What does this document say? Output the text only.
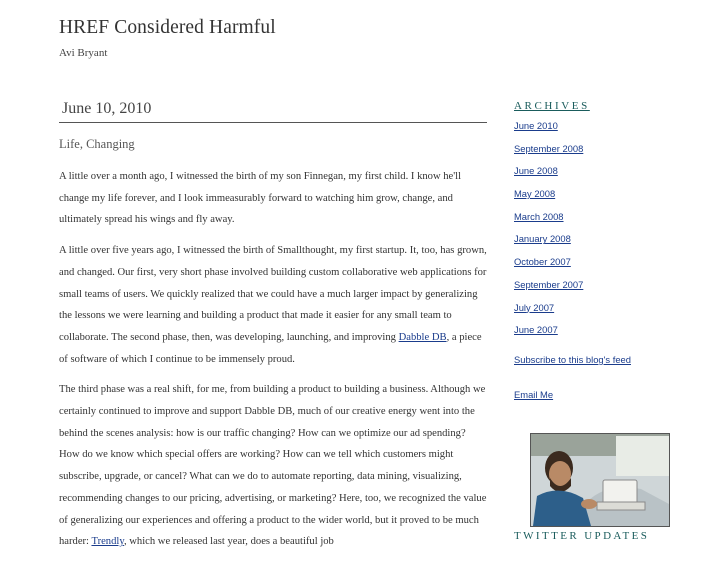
HREF Considered Harmful
Avi Bryant
June 10, 2010
Life, Changing

A little over a month ago, I witnessed the birth of my son Finnegan, my first child. I know he'll change my life forever, and I look immeasurably forward to watching him grow, change, and ultimately spread his wings and fly away.

A little over five years ago, I witnessed the birth of Smallthought, my first startup. It, too, has grown, and changed. Our first, very short phase involved building custom collaborative web applications for small teams of users. We quickly realized that we could have a much larger impact by generalizing the lessons we were learning and building a product that made it easier for any small team to collaborate. The second phase, then, was developing, launching, and improving Dabble DB, a piece of software of which I continue to be immensely proud.

The third phase was a real shift, for me, from building a product to building a business. Although we certainly continued to improve and support Dabble DB, much of our creative energy went into the behind the scenes analysis: how is our traffic changing? How can we optimize our ad spending? How do we know which special offers are working? How can we tell which customers might subscribe, upgrade, or cancel? What can we do to automate reporting, data mining, visualizing, recommending changes to our pricing, advertising, or marketing? Here, too, we recognized the value of generalizing our experiences and offering a product to the wider world, but it proved to be much harder: Trendly, which we released last year, does a beautiful job

ARCHIVES
June 2010
September 2008
June 2008
May 2008
March 2008
January 2008
October 2007
September 2007
July 2007
June 2007
Subscribe to this blog's feed
Email Me
TWITTER UPDATES
